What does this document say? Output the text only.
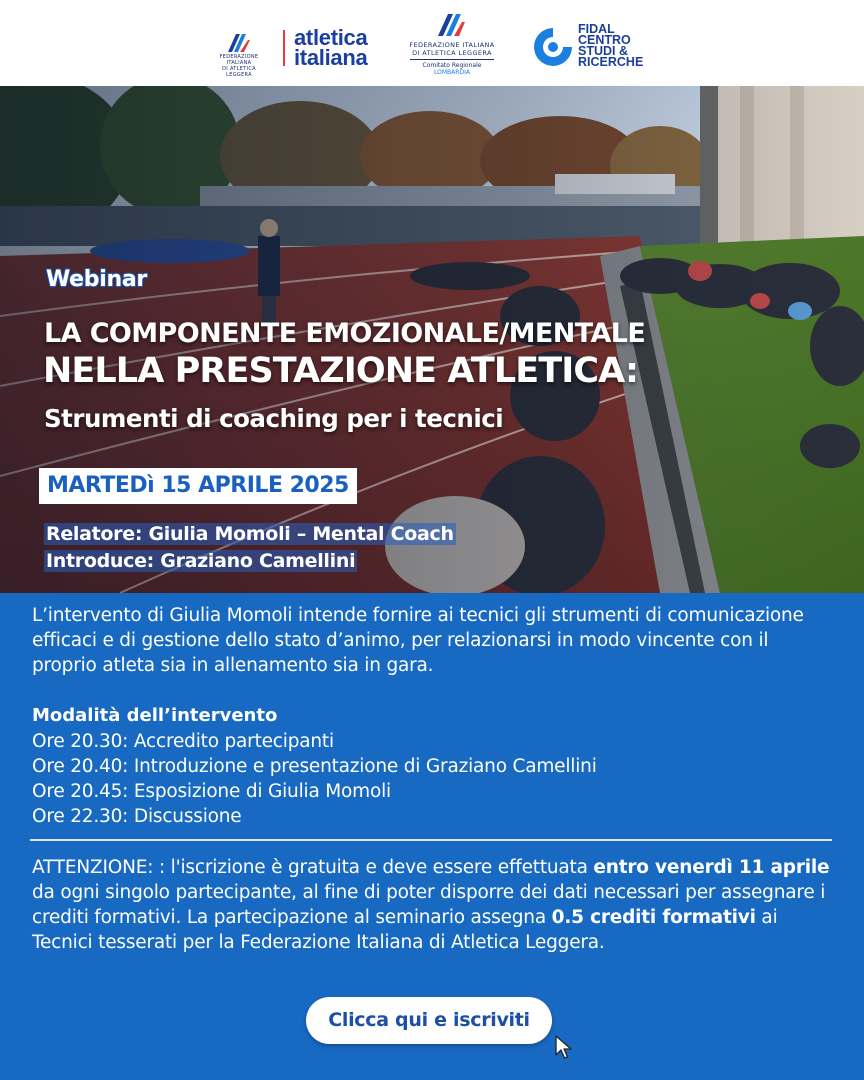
FEDERAZIONE ITALIANA
DI ATLETICA LEGGERA
atletica
italiana	FEDERAZIONE ITALIANA
DI ATLETICA LEGGERA
Comitato Regionale LOMBARDIA
FIDAL
CENTRO
STUDI &
RICERCHE
Webinar
LA COMPONENTE EMOZIONALE/MENTALE
NELLA PRESTAZIONE ATLETICA:
Strumenti di coaching per i tecnici
MARTEDì 15 APRILE 2025
Relatore: Giulia Momoli – Mental Coach
Introduce: Graziano Camellini
L’intervento di Giulia Momoli intende fornire ai tecnici gli strumenti di comunicazione efficaci e di gestione dello stato d’animo, per relazionarsi in modo vincente con il proprio atleta sia in allenamento sia in gara.
Modalità dell’intervento
Ore 20.30: Accredito partecipanti
Ore 20.40: Introduzione e presentazione di Graziano Camellini
Ore 20.45: Esposizione di Giulia Momoli
Ore 22.30: Discussione
ATTENZIONE: : l'iscrizione è gratuita e deve essere effettuata entro venerdì 11 aprile da ogni singolo partecipante, al fine di poter disporre dei dati necessari per assegnare i crediti formativi. La partecipazione al seminario assegna 0.5 crediti formativi ai Tecnici tesserati per la Federazione Italiana di Atletica Leggera.
Clicca qui e iscriviti
